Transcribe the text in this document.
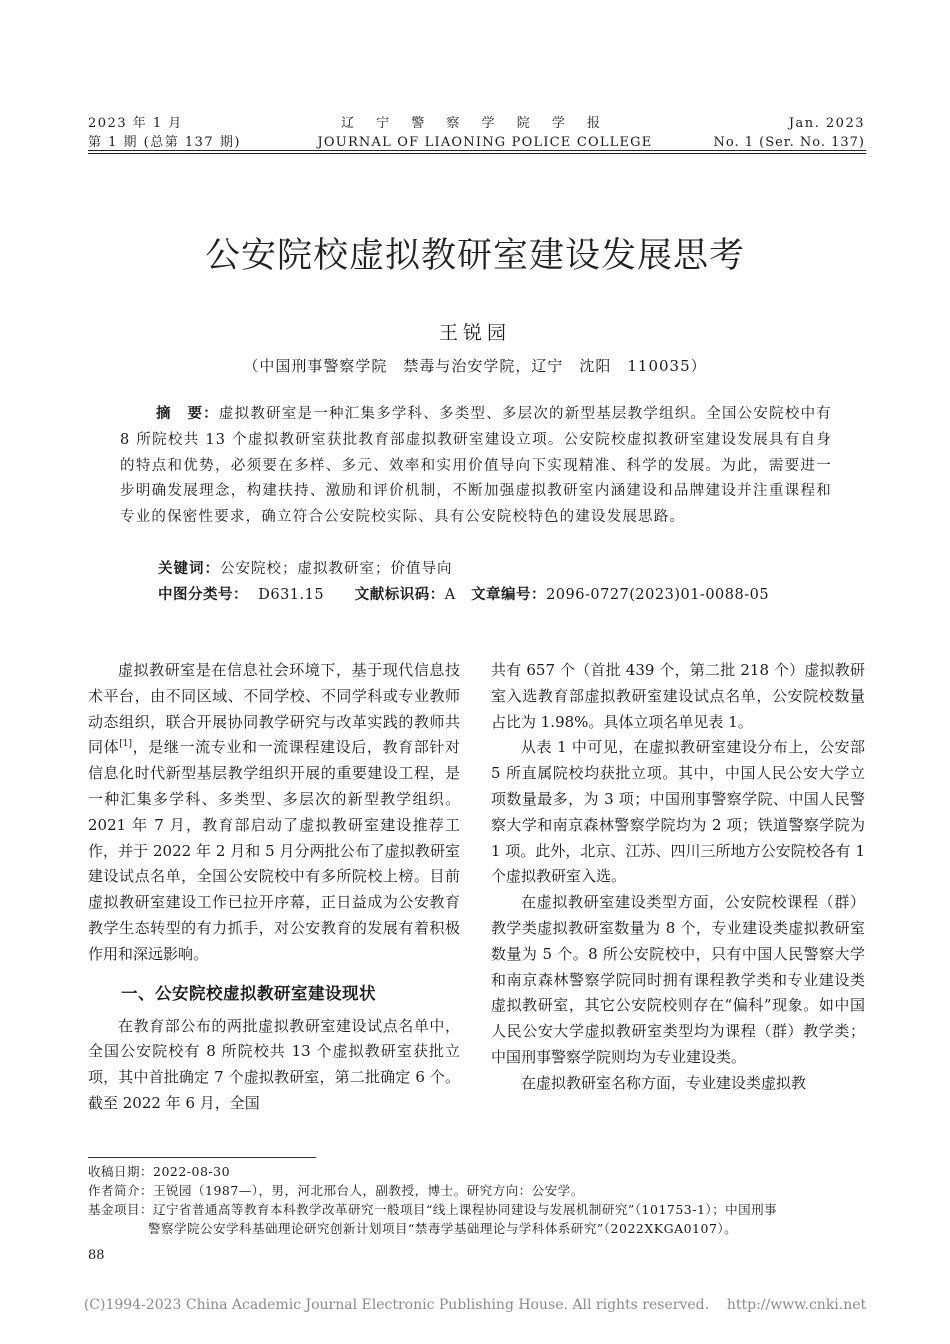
2023 年 1 月
第 1 期 (总第 137 期)
辽 宁 警 察 学 院 学 报
JOURNAL OF LIAONING POLICE COLLEGE
Jan. 2023
No. 1 (Ser. No. 137)
公安院校虚拟教研室建设发展思考
王锐园
（中国刑事警察学院　禁毒与治安学院，辽宁　沈阳　110035）
摘　要：虚拟教研室是一种汇集多学科、多类型、多层次的新型基层教学组织。全国公安院校中有 8 所院校共 13 个虚拟教研室获批教育部虚拟教研室建设立项。公安院校虚拟教研室建设发展具有自身的特点和优势，必须要在多样、多元、效率和实用价值导向下实现精准、科学的发展。为此，需要进一步明确发展理念，构建扶持、激励和评价机制，不断加强虚拟教研室内涵建设和品牌建设并注重课程和专业的保密性要求，确立符合公安院校实际、具有公安院校特色的建设发展思路。
关键词：公安院校；虚拟教研室；价值导向
中图分类号： D631.15 文献标识码：A 文章编号：2096-0727(2023)01-0088-05

虚拟教研室是在信息社会环境下，基于现代信息技术平台，由不同区域、不同学校、不同学科或专业教师动态组织，联合开展协同教学研究与改革实践的教师共同体[1]，是继一流专业和一流课程建设后，教育部针对信息化时代新型基层教学组织开展的重要建设工程，是一种汇集多学科、多类型、多层次的新型教学组织。2021 年 7 月，教育部启动了虚拟教研室建设推荐工作，并于 2022 年 2 月和 5 月分两批公布了虚拟教研室建设试点名单，全国公安院校中有多所院校上榜。目前虚拟教研室建设工作已拉开序幕，正日益成为公安教育教学生态转型的有力抓手，对公安教育的发展有着积极作用和深远影响。

一、公安院校虚拟教研室建设现状

在教育部公布的两批虚拟教研室建设试点名单中，全国公安院校有 8 所院校共 13 个虚拟教研室获批立项，其中首批确定 7 个虚拟教研室，第二批确定 6 个。截至 2022 年 6 月，全国

共有 657 个（首批 439 个，第二批 218 个）虚拟教研室入选教育部虚拟教研室建设试点名单，公安院校数量占比为 1.98%。具体立项名单见表 1。

从表 1 中可见，在虚拟教研室建设分布上，公安部 5 所直属院校均获批立项。其中，中国人民公安大学立项数量最多，为 3 项；中国刑事警察学院、中国人民警察大学和南京森林警察学院均为 2 项；铁道警察学院为 1 项。此外，北京、江苏、四川三所地方公安院校各有 1 个虚拟教研室入选。

在虚拟教研室建设类型方面，公安院校课程（群）教学类虚拟教研室数量为 8 个，专业建设类虚拟教研室数量为 5 个。8 所公安院校中，只有中国人民警察大学和南京森林警察学院同时拥有课程教学类和专业建设类虚拟教研室，其它公安院校则存在“偏科”现象。如中国人民公安大学虚拟教研室类型均为课程（群）教学类；中国刑事警察学院则均为专业建设类。

在虚拟教研室名称方面，专业建设类虚拟教

收稿日期：2022-08-30
作者简介：王锐园（1987—），男，河北邢台人，副教授，博士。研究方向：公安学。
基金项目：辽宁省普通高等教育本科教学改革研究一般项目“线上课程协同建设与发展机制研究”（101753-1）；中国刑事
警察学院公安学科基础理论研究创新计划项目“禁毒学基础理论与学科体系研究”（2022XKGA0107）。
88
(C)1994-2023 China Academic Journal Electronic Publishing House. All rights reserved.    http://www.cnki.net
